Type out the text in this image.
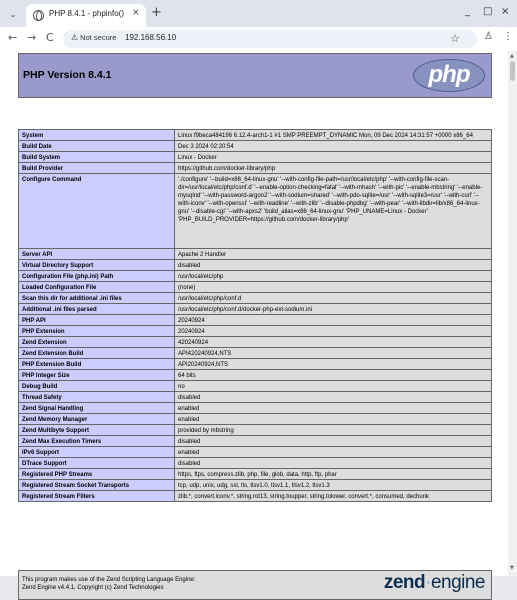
⌄	PHP 8.4.1 - phpinfo() × +	_ □ ×
← → C ⚠ Not secure 192.168.56.10	☆ ♙ ⋮
PHP Version 8.4.1	php
System	Linux f9beca484196 6.12.4-arch1-1 #1 SMP PREEMPT_DYNAMIC Mon, 09 Dec 2024 14:31:57 +0000 x86_64
Build Date	Dec 3 2024 02:20:54
Build System	Linux - Docker
Build Provider	https://github.com/docker-library/php
Configure Command	'./configure' '--build=x86_64-linux-gnu' '--with-config-file-path=/usr/local/etc/php' '--with-config-file-scan-dir=/usr/local/etc/php/conf.d' '--enable-option-checking=fatal' '--with-mhash' '--with-pic' '--enable-mbstring' '--enable-mysqlnd' '--with-password-argon2' '--with-sodium=shared' '--with-pdo-sqlite=/usr' '--with-sqlite3=/usr' '--with-curl' '--with-iconv' '--with-openssl' '--with-readline' '--with-zlib' '--disable-phpdbg' '--with-pear' '--with-libdir=lib/x86_64-linux-gnu' '--disable-cgi' '--with-apxs2' 'build_alias=x86_64-linux-gnu' 'PHP_UNAME=Linux - Docker' 'PHP_BUILD_PROVIDER=https://github.com/docker-library/php'
Server API	Apache 2 Handler
Virtual Directory Support	disabled
Configuration File (php.ini) Path	/usr/local/etc/php
Loaded Configuration File	(none)
Scan this dir for additional .ini files	/usr/local/etc/php/conf.d
Additional .ini files parsed	/usr/local/etc/php/conf.d/docker-php-ext-sodium.ini
PHP API	20240924
PHP Extension	20240924
Zend Extension	420240924
Zend Extension Build	API420240924,NTS
PHP Extension Build	API20240924,NTS
PHP Integer Size	64 bits
Debug Build	no
Thread Safety	disabled
Zend Signal Handling	enabled
Zend Memory Manager	enabled
Zend Multibyte Support	provided by mbstring
Zend Max Execution Timers	disabled
IPv6 Support	enabled
DTrace Support	disabled
Registered PHP Streams	https, ftps, compress.zlib, php, file, glob, data, http, ftp, phar
Registered Stream Socket Transports	tcp, udp, unix, udg, ssl, tls, tlsv1.0, tlsv1.1, tlsv1.2, tlsv1.3
Registered Stream Filters	zlib.*, convert.iconv.*, string.rot13, string.toupper, string.tolower, convert.*, consumed, dechunk
This program makes use of the Zend Scripting Language Engine:
Zend Engine v4.4.1, Copyright (c) Zend Technologies	zend·engine
▲
▼
